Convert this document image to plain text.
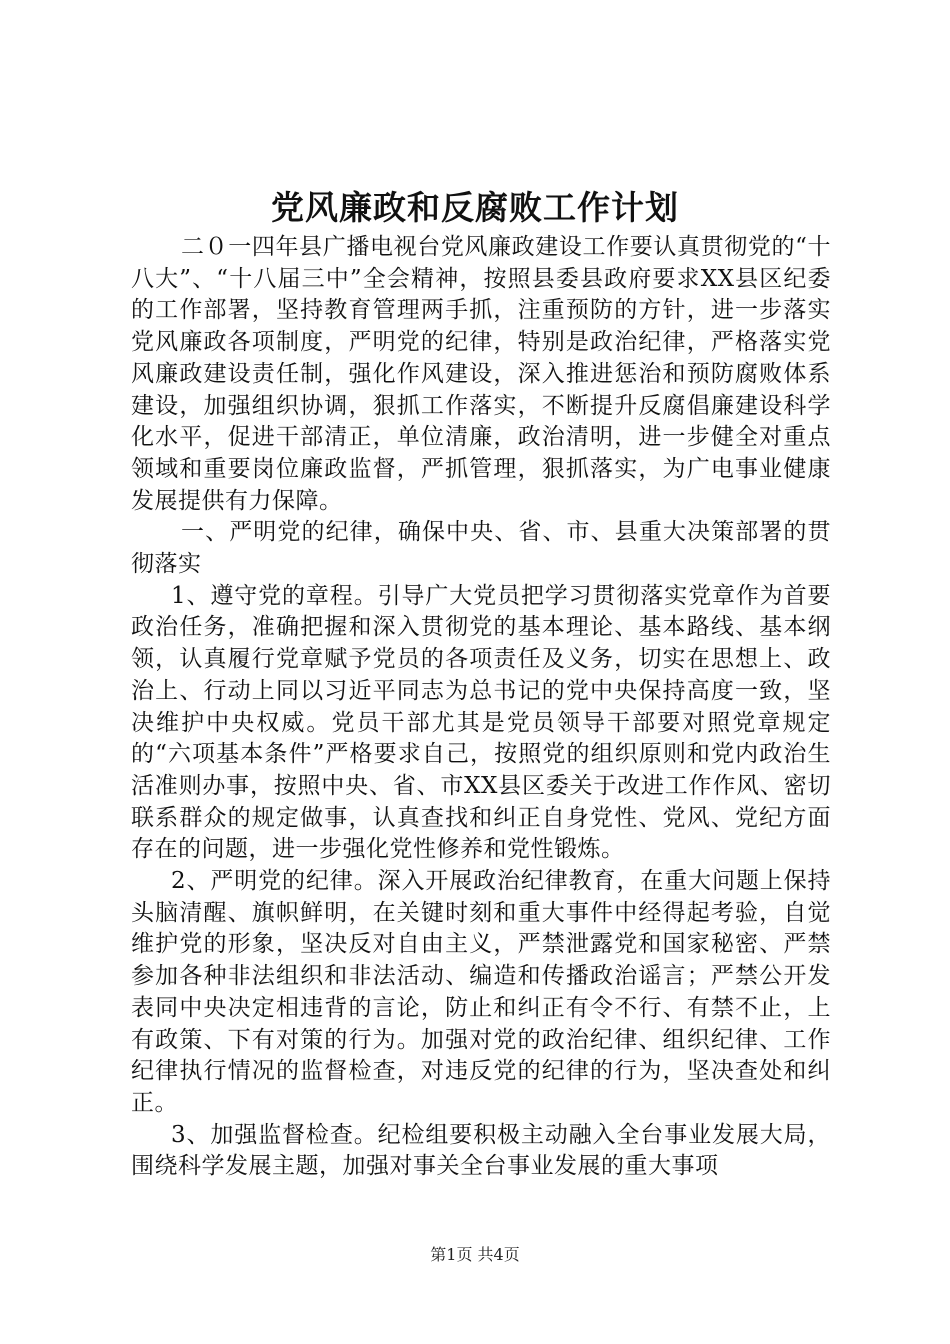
党风廉政和反腐败工作计划

二０一四年县广播电视台党风廉政建设工作要认真贯彻党的“十八大”、“十八届三中”全会精神，按照县委县政府要求XX县区纪委的工作部署，坚持教育管理两手抓，注重预防的方针，进一步落实党风廉政各项制度，严明党的纪律，特别是政治纪律，严格落实党风廉政建设责任制，强化作风建设，深入推进惩治和预防腐败体系建设，加强组织协调，狠抓工作落实，不断提升反腐倡廉建设科学化水平，促进干部清正，单位清廉，政治清明，进一步健全对重点领域和重要岗位廉政监督，严抓管理，狠抓落实，为广电事业健康发展提供有力保障。

一、严明党的纪律，确保中央、省、市、县重大决策部署的贯彻落实

1、遵守党的章程。引导广大党员把学习贯彻落实党章作为首要政治任务，准确把握和深入贯彻党的基本理论、基本路线、基本纲领，认真履行党章赋予党员的各项责任及义务，切实在思想上、政治上、行动上同以习近平同志为总书记的党中央保持高度一致，坚决维护中央权威。党员干部尤其是党员领导干部要对照党章规定的“六项基本条件”严格要求自己，按照党的组织原则和党内政治生活准则办事，按照中央、省、市XX县区委关于改进工作作风、密切联系群众的规定做事，认真查找和纠正自身党性、党风、党纪方面存在的问题，进一步强化党性修养和党性锻炼。

2、严明党的纪律。深入开展政治纪律教育，在重大问题上保持头脑清醒、旗帜鲜明，在关键时刻和重大事件中经得起考验，自觉维护党的形象，坚决反对自由主义，严禁泄露党和国家秘密、严禁参加各种非法组织和非法活动、编造和传播政治谣言；严禁公开发表同中央决定相违背的言论，防止和纠正有令不行、有禁不止，上有政策、下有对策的行为。加强对党的政治纪律、组织纪律、工作纪律执行情况的监督检查，对违反党的纪律的行为，坚决查处和纠正。

3、加强监督检查。纪检组要积极主动融入全台事业发展大局，围绕科学发展主题，加强对事关全台事业发展的重大事项

第1页 共4页
